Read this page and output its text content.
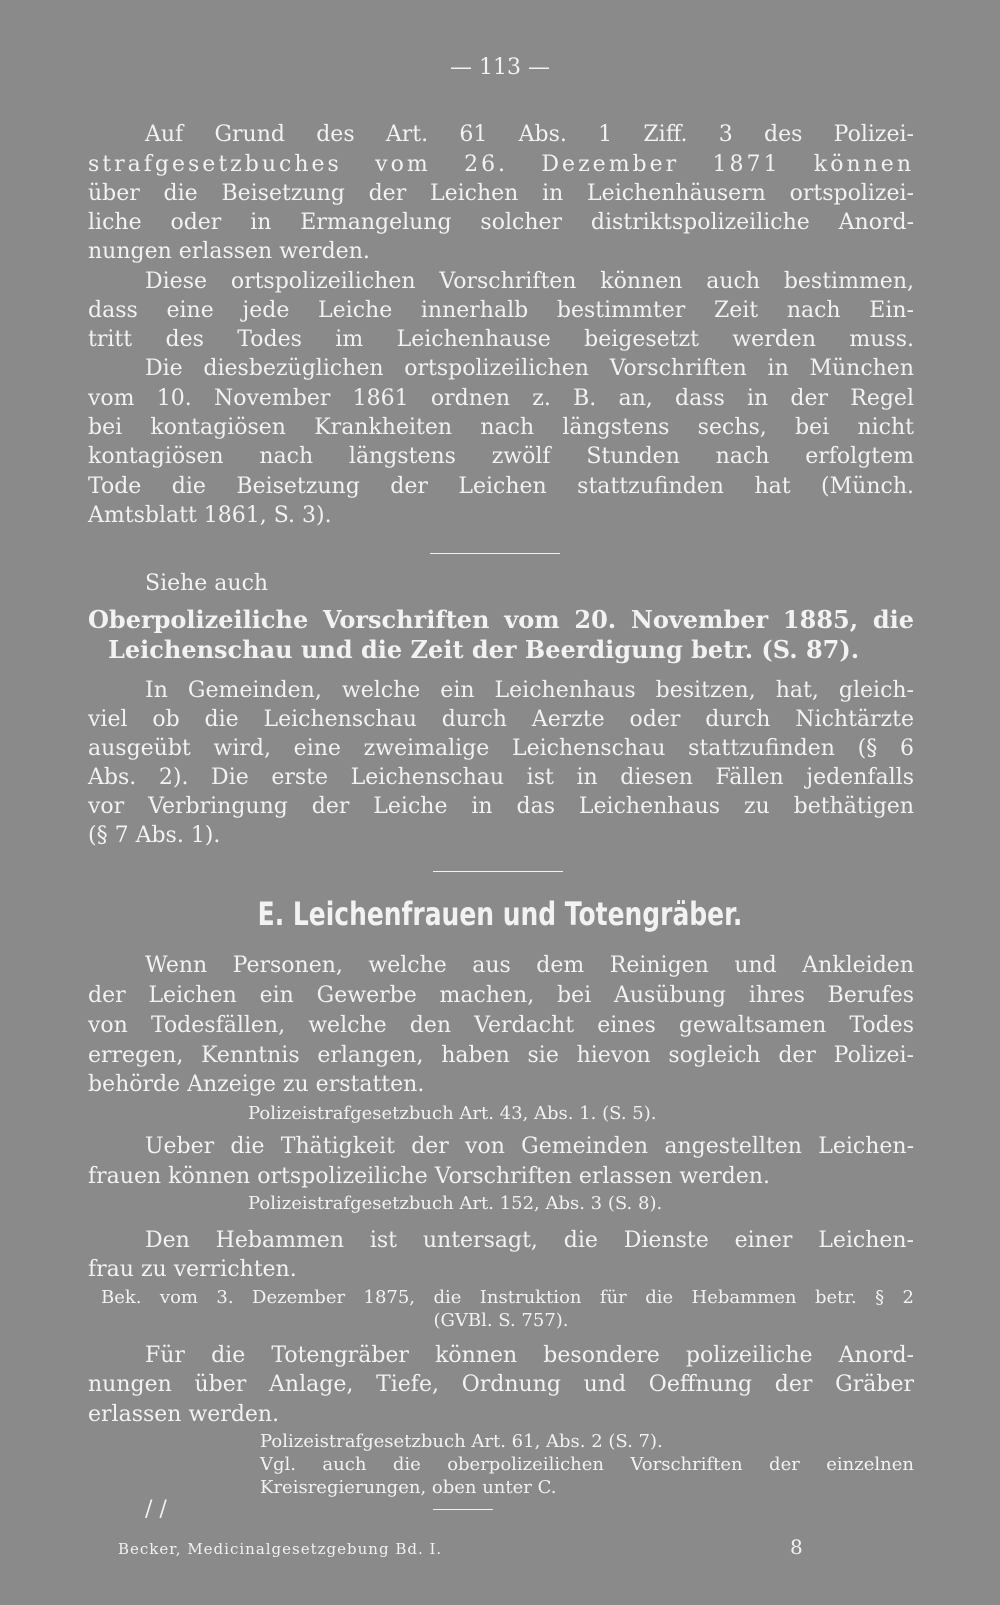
— 113 —
Auf Grund des Art. 61 Abs. 1 Ziff. 3 des Polizei-
strafgesetzbuches vom 26. Dezember 1871 können
über die Beisetzung der Leichen in Leichenhäusern ortspolizei-
liche oder in Ermangelung solcher distriktspolizeiliche Anord-
nungen erlassen werden.
Diese ortspolizeilichen Vorschriften können auch bestimmen,
dass eine jede Leiche innerhalb bestimmter Zeit nach Ein-
tritt des Todes im Leichenhause beigesetzt werden muss.
Die diesbezüglichen ortspolizeilichen Vorschriften in München
vom 10. November 1861 ordnen z. B. an, dass in der Regel
bei kontagiösen Krankheiten nach längstens sechs, bei nicht
kontagiösen nach längstens zwölf Stunden nach erfolgtem
Tode die Beisetzung der Leichen stattzufinden hat (Münch.
Amtsblatt 1861, S. 3).
Siehe auch
Oberpolizeiliche Vorschriften vom 20. November 1885, die
Leichenschau und die Zeit der Beerdigung betr. (S. 87).
In Gemeinden, welche ein Leichenhaus besitzen, hat, gleich-
viel ob die Leichenschau durch Aerzte oder durch Nichtärzte
ausgeübt wird, eine zweimalige Leichenschau stattzufinden (§ 6
Abs. 2). Die erste Leichenschau ist in diesen Fällen jedenfalls
vor Verbringung der Leiche in das Leichenhaus zu bethätigen
(§ 7 Abs. 1).
E. Leichenfrauen und Totengräber.
Wenn Personen, welche aus dem Reinigen und Ankleiden
der Leichen ein Gewerbe machen, bei Ausübung ihres Berufes
von Todesfällen, welche den Verdacht eines gewaltsamen Todes
erregen, Kenntnis erlangen, haben sie hievon sogleich der Polizei-
behörde Anzeige zu erstatten.
Polizeistrafgesetzbuch Art. 43, Abs. 1. (S. 5).
Ueber die Thätigkeit der von Gemeinden angestellten Leichen-
frauen können ortspolizeiliche Vorschriften erlassen werden.
Polizeistrafgesetzbuch Art. 152, Abs. 3 (S. 8).
Den Hebammen ist untersagt, die Dienste einer Leichen-
frau zu verrichten.
Bek. vom 3. Dezember 1875, die Instruktion für die Hebammen betr. § 2
(GVBl. S. 757).
Für die Totengräber können besondere polizeiliche Anord-
nungen über Anlage, Tiefe, Ordnung und Oeffnung der Gräber
erlassen werden.
Polizeistrafgesetzbuch Art. 61, Abs. 2 (S. 7).
Vgl. auch die oberpolizeilichen Vorschriften der einzelnen
Kreisregierungen, oben unter C.
/ /
Becker, Medicinalgesetzgebung Bd. I.	8
